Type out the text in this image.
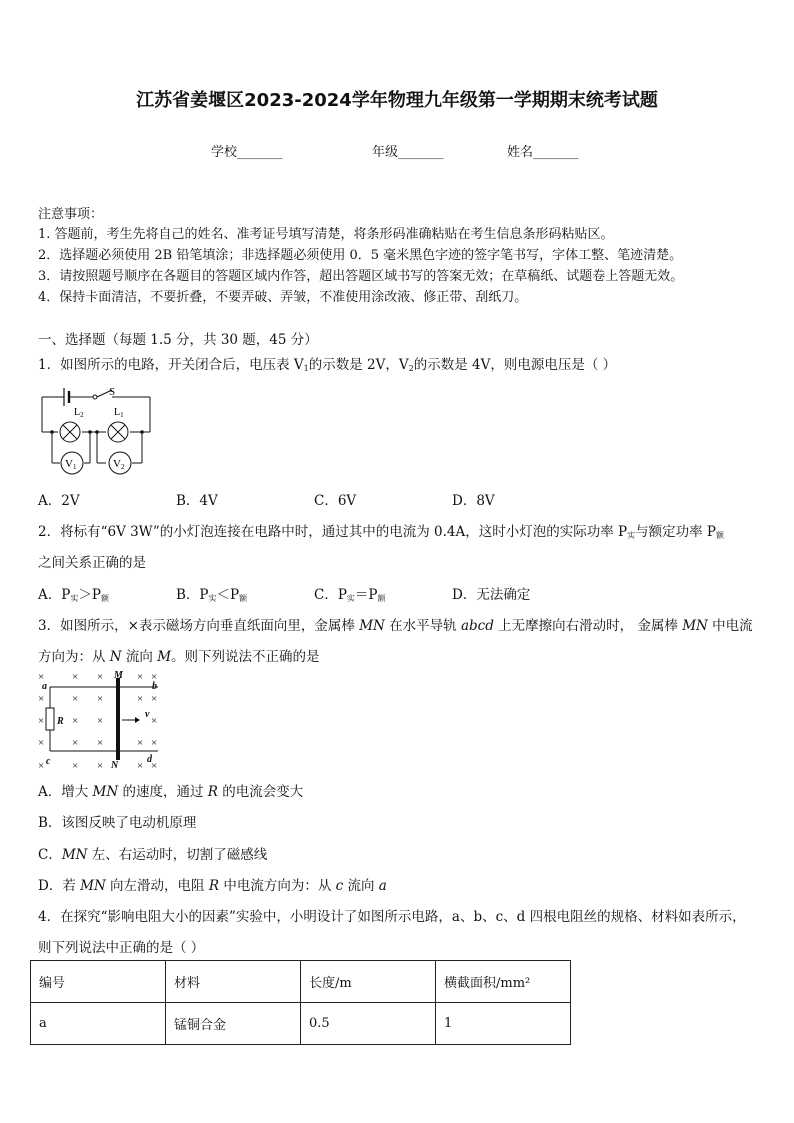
江苏省姜堰区2023-2024学年物理九年级第一学期期末统考试题
学校_______	年级_______	姓名_______
注意事项：
1. 答题前，考生先将自己的姓名、准考证号填写清楚，将条形码准确粘贴在考生信息条形码粘贴区。
2．选择题必须使用 2B 铅笔填涂；非选择题必须使用 0．5 毫米黑色字迹的签字笔书写，字体工整、笔迹清楚。
3．请按照题号顺序在各题目的答题区域内作答，超出答题区域书写的答案无效；在草稿纸、试题卷上答题无效。
4．保持卡面清洁，不要折叠，不要弄破、弄皱，不准使用涂改液、修正带、刮纸刀。
一、选择题（每题 1.5 分，共 30 题，45 分）
1．如图所示的电路，开关闭合后，电压表 $V_1$的示数是 2V，$V_2$的示数是 4V，则电源电压是（ ）
S
$L_2$	$L_1$
V1	V2
A．2V	B．4V	C．6V	D．8V
2．将标有“6V 3W”的小灯泡连接在电路中时，通过其中的电流为 0.4A，这时小灯泡的实际功率 $P_实$与额定功率 $P_额$
之间关系正确的是
A．$P_实>P_额$	B．$P_实<P_额$	C．$P_实=P_额$	D．无法确定
3．如图所示，×表示磁场方向垂直纸面向里，金属棒 MN 在水平导轨 abcd 上无摩擦向右滑动时， 金属棒 MN 中电流
方向为：从 N 流向 M。则下列说法不正确的是
×	× ×	× ×
×	× ×	× ×
×	× ×	×
×	× ×	× ×
×	× ×	× ×
a	b
c	d
M
N
R
v
A．增大 MN 的速度，通过 R 的电流会变大
B．该图反映了电动机原理
C．MN 左、右运动时，切割了磁感线
D．若 MN 向左滑动，电阻 R 中电流方向为：从 c 流向 a
4．在探究“影响电阻大小的因素”实验中，小明设计了如图所示电路，a、b、c、d 四根电阻丝的规格、材料如表所示，
则下列说法中正确的是（ ）
编号	材料	长度/m	横截面积/mm²
a	锰铜合金	0.5	1
